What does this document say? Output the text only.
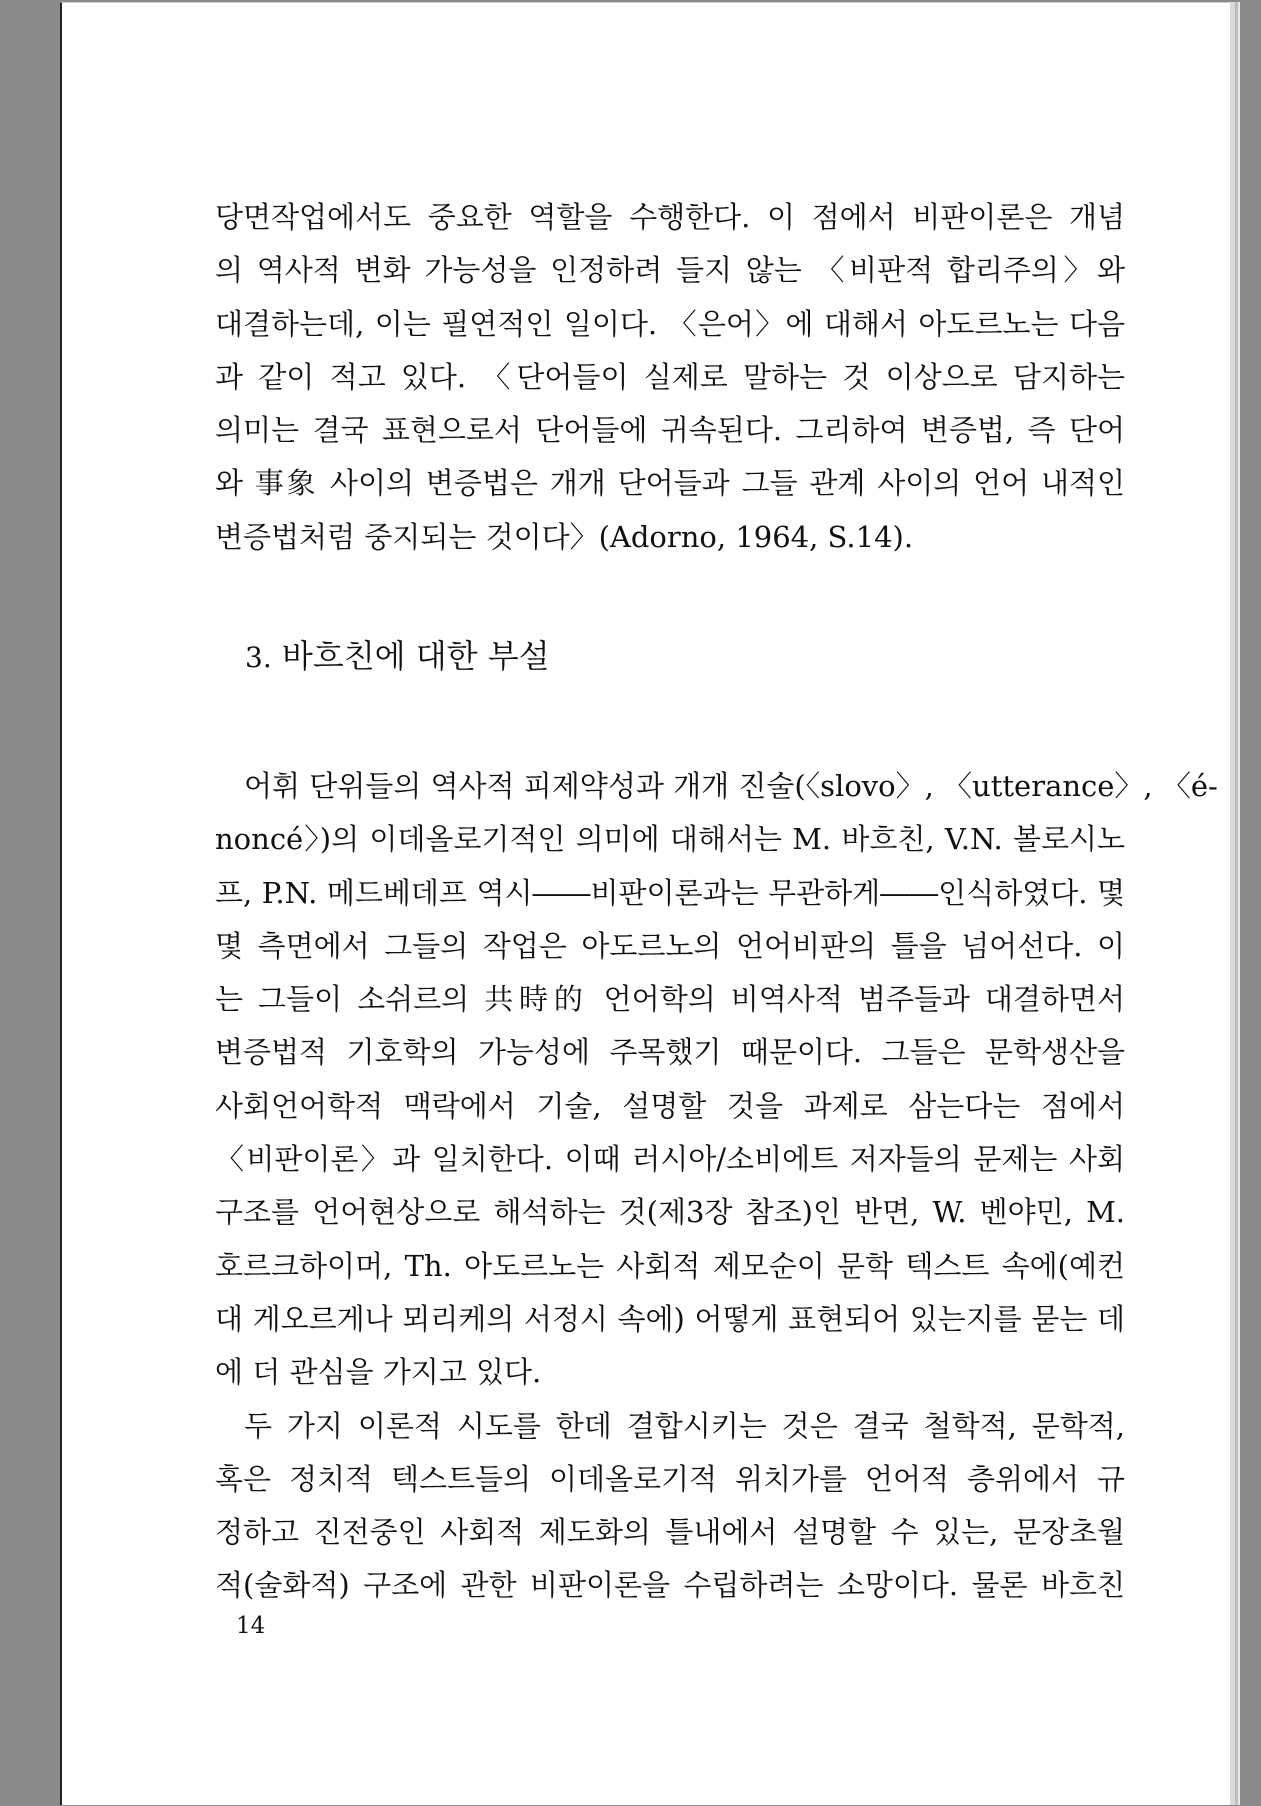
당면작업에서도 중요한 역할을 수행한다. 이 점에서 비판이론은 개념
의 역사적 변화 가능성을 인정하려 들지 않는 〈비판적 합리주의〉와
대결하는데, 이는 필연적인 일이다. 〈은어〉에 대해서 아도르노는 다음
과 같이 적고 있다. 〈단어들이 실제로 말하는 것 이상으로 담지하는
의미는 결국 표현으로서 단어들에 귀속된다. 그리하여 변증법, 즉 단어
와 事象 사이의 변증법은 개개 단어들과 그들 관계 사이의 언어 내적인
변증법처럼 중지되는 것이다〉(Adorno, 1964, S.14).
3. 바흐친에 대한 부설
어휘 단위들의 역사적 피제약성과 개개 진술(〈slovo〉, 〈utterance〉, 〈é-
noncé〉)의 이데올로기적인 의미에 대해서는 M. 바흐친, V.N. 볼로시노
프, P.N. 메드베데프 역시――비판이론과는 무관하게――인식하였다. 몇
몇 측면에서 그들의 작업은 아도르노의 언어비판의 틀을 넘어선다. 이
는 그들이 소쉬르의 共時的 언어학의 비역사적 범주들과 대결하면서
변증법적 기호학의 가능성에 주목했기 때문이다. 그들은 문학생산을
사회언어학적 맥락에서 기술, 설명할 것을 과제로 삼는다는 점에서
〈비판이론〉과 일치한다. 이때 러시아/소비에트 저자들의 문제는 사회
구조를 언어현상으로 해석하는 것(제3장 참조)인 반면, W. 벤야민, M.
호르크하이머, Th. 아도르노는 사회적 제모순이 문학 텍스트 속에(예컨
대 게오르게나 뫼리케의 서정시 속에) 어떻게 표현되어 있는지를 묻는 데
에 더 관심을 가지고 있다.
두 가지 이론적 시도를 한데 결합시키는 것은 결국 철학적, 문학적,
혹은 정치적 텍스트들의 이데올로기적 위치가를 언어적 층위에서 규
정하고 진전중인 사회적 제도화의 틀내에서 설명할 수 있는, 문장초월
적(술화적) 구조에 관한 비판이론을 수립하려는 소망이다. 물론 바흐친
14
